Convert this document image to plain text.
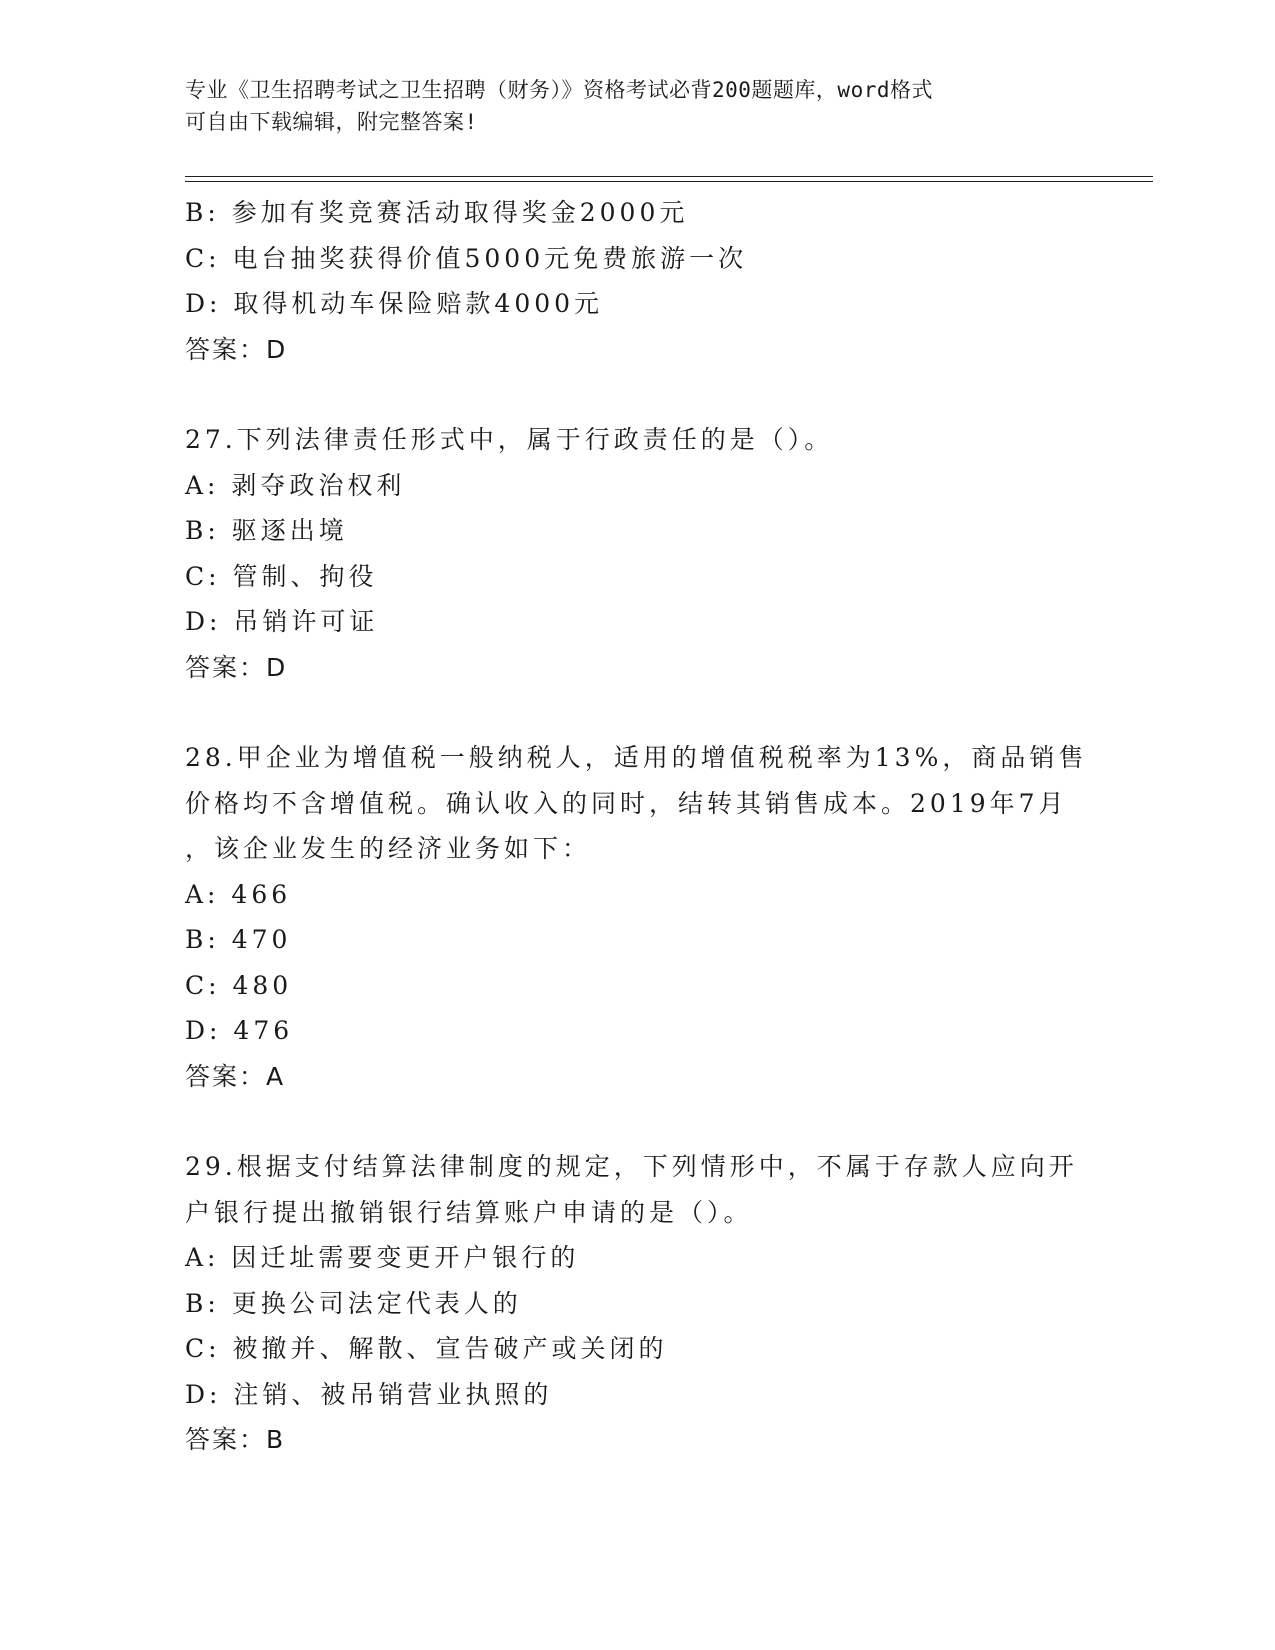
专业《卫生招聘考试之卫生招聘（财务）》资格考试必背200题题库，word格式
可自由下载编辑，附完整答案!
B: 参加有奖竞赛活动取得奖金2000元
C: 电台抽奖获得价值5000元免费旅游一次
D: 取得机动车保险赔款4000元
答案：D
27.下列法律责任形式中，属于行政责任的是（）。
A: 剥夺政治权利
B: 驱逐出境
C: 管制、拘役
D: 吊销许可证
答案：D
28.甲企业为增值税一般纳税人，适用的增值税税率为13%，商品销售
价格均不含增值税。确认收入的同时，结转其销售成本。2019年7月
，该企业发生的经济业务如下：
A: 466
B: 470
C: 480
D: 476
答案：A
29.根据支付结算法律制度的规定，下列情形中，不属于存款人应向开
户银行提出撤销银行结算账户申请的是（）。
A: 因迁址需要变更开户银行的
B: 更换公司法定代表人的
C: 被撤并、解散、宣告破产或关闭的
D: 注销、被吊销营业执照的
答案：B
